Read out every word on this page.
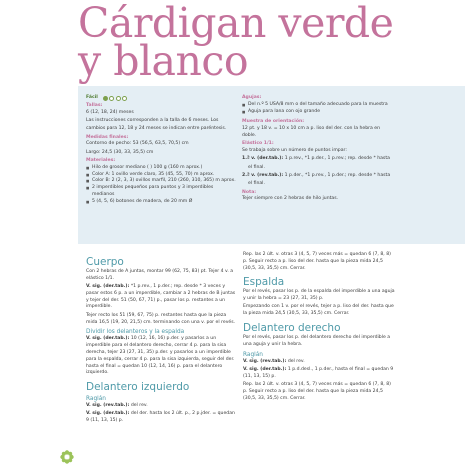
Cárdigan verde
y blanco
Fácil
Tallas:
6 (12, 18, 24) meses
Las instrucciones corresponden a la talla de 6 meses. Los
cambios para 12, 18 y 24 meses se indican entre paréntesis.
Medidas finales:
Contorno de pecho: 53 (56,5, 63,5, 70,5) cm
Largo: 24,5 (30, 33, 35,5) cm
Materiales:
■ Hilo de grosor mediano ( ) 100 g (160 m aprox.)
■ Color A: 1 ovillo verde claro, 35 (45, 55, 70) m aprox.
■ Color B: 2 (2, 3, 3) ovillos marfil, 210 (260, 310, 365) m aprox.
■ 2 imperdibles pequeños para puntos y 3 imperdibles
medianos
■ 5 (4, 5, 6) botones de madera, de 20 mm Ø
Agujas:
■ Del n.º 5 USA/8 mm o del tamaño adecuado para la muestra
■ Aguja para lana con ojo grande
Muestra de orientación:
12 pt. y 18 v. = 10 x 10 cm a p. liso del der. con la hebra en doble.
Elástico 1/1:
Se trabaja sobre un número de puntos impar:
1.ª v. (der.tab.): 1 p.rev., *1 p.der., 1 p.rev.; rep. desde * hasta
el final.
2.ª v. (rev.tab.): 1 p.der., *1 p.rev., 1 p.der.; rep. desde * hasta
el final.
Nota:
Tejer siempre con 2 hebras de hilo juntas.
Cuerpo
Con 2 hebras de A juntas, montar 99 (62, 75, 83) pt. Tejer 4 v. a elástico 1/1.
V. sig. (der.tab.): *1 p.rev., 1 p.der.; rep. desde * 3 veces y pasar estos 6 p. a un imperdible, cambiar a 2 hebras de B juntas y tejer del der. 51 (50, 67, 71) p., pasar los p. restantes a un imperdible.
Tejer recto los 51 (59, 67, 75) p. restantes hasta que la pieza mida 16,5 (19, 20, 21,5) cm. terminando con una v. por el revés.
Dividir los delanteros y la espalda
V. sig. (der.tab.): 10 (12, 16, 16) p.der. y pasarlos a un imperdible para el delantero derecho, cerrar 4 p. para la sisa derecha, tejer 23 (27, 31, 35) p.der. y pasarlos a un imperdible para la espalda, cerrar 4 p. para la sisa izquierda, seguir del der. hasta el final = quedan 10 (12, 14, 16) p. para el delantero izquierdo.
Delantero izquierdo
Raglán
V. sig. (rev.tab.): del rev.
V. sig. (der.tab.): del der. hasta los 2 últ. p., 2 p.jder. = quedan 9 (11, 13, 15) p.
Rep. las 2 últ. v. otras 3 (4, 5, 7) veces más = quedan 6 (7, 8, 8) p. Seguir recto a p. liso del der. hasta que la pieza mida 24,5 (30,5, 33, 35,5) cm. Cerrar.
Espalda
Por el revés, pasar los p. de la espalda del imperdible a una aguja y unir la hebra = 23 (27, 31, 35) p.
Empezando con 1 v. por el revés, tejer a p. liso del der. hasta que la pieza mida 24,5 (30,5, 33, 35,5) cm. Cerrar.
Delantero derecho
Por el revés, pasar los p. del delantero derecho del imperdible a una aguja y unir la hebra.
Raglán
V. sig. (rev.tab.): del rev.
V. sig. (der.tab.): 1 p.d.desl., 1 p.der., hasta el final = quedan 9 (11, 13, 15) p.
Rep. las 2 últ. v. otras 3 (4, 5, 7) veces más = quedan 6 (7, 8, 8) p. Seguir recto a p. liso del der. hasta que la pieza mida 24,5 (30,5, 33, 35,5) cm. Cerrar.
